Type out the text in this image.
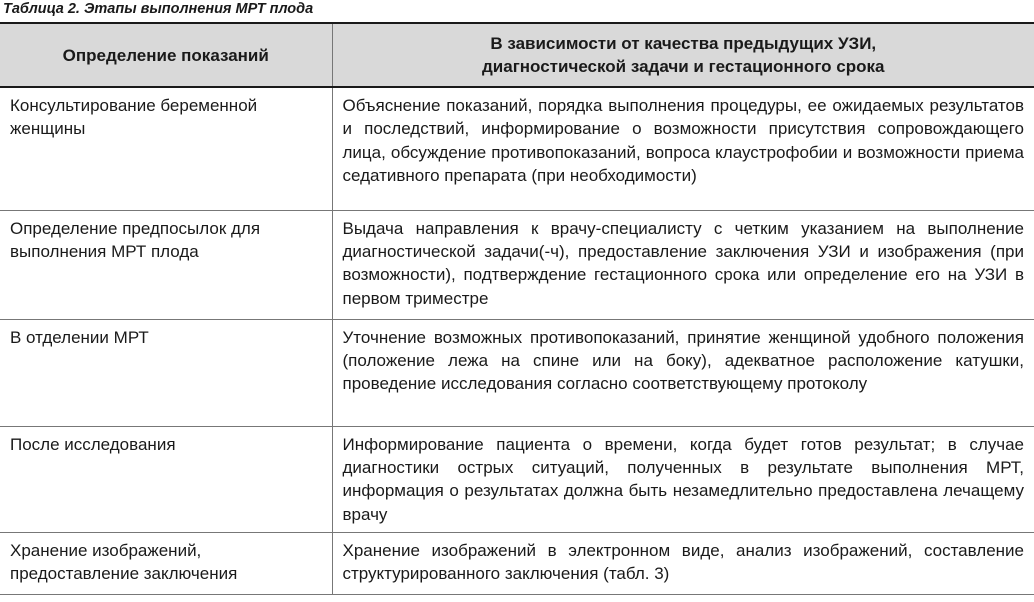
Таблица 2. Этапы выполнения МРТ плода
Определение показаний	В зависимости от качества предыдущих УЗИ,
диагностической задачи и гестационного срока
Консультирование беременной женщины	Объяснение показаний, порядка выполнения процедуры, ее ожидаемых результатов и последствий, информирование о возможности присутствия сопровождающего лица, обсуждение противопоказаний, вопроса клаустрофобии и возможности приема седативного препарата (при необходимости)
Определение предпосылок для выполнения МРТ плода	Выдача направления к врачу-специалисту с четким указанием на выполнение диагностической задачи(-ч), предоставление заключения УЗИ и изображения (при возможности), подтверждение гестационного срока или определение его на УЗИ в первом триместре
В отделении МРТ	Уточнение возможных противопоказаний, принятие женщиной удобного положения (положение лежа на спине или на боку), адекватное расположение катушки, проведение исследования согласно соответствующему протоколу
После исследования	Информирование пациента о времени, когда будет готов результат; в случае диагностики острых ситуаций, полученных в результате выполнения МРТ, информация о результатах должна быть незамедлительно предоставлена лечащему врачу
Хранение изображений, предоставление заключения	Хранение изображений в электронном виде, анализ изображений, составление структурированного заключения (табл. 3)
